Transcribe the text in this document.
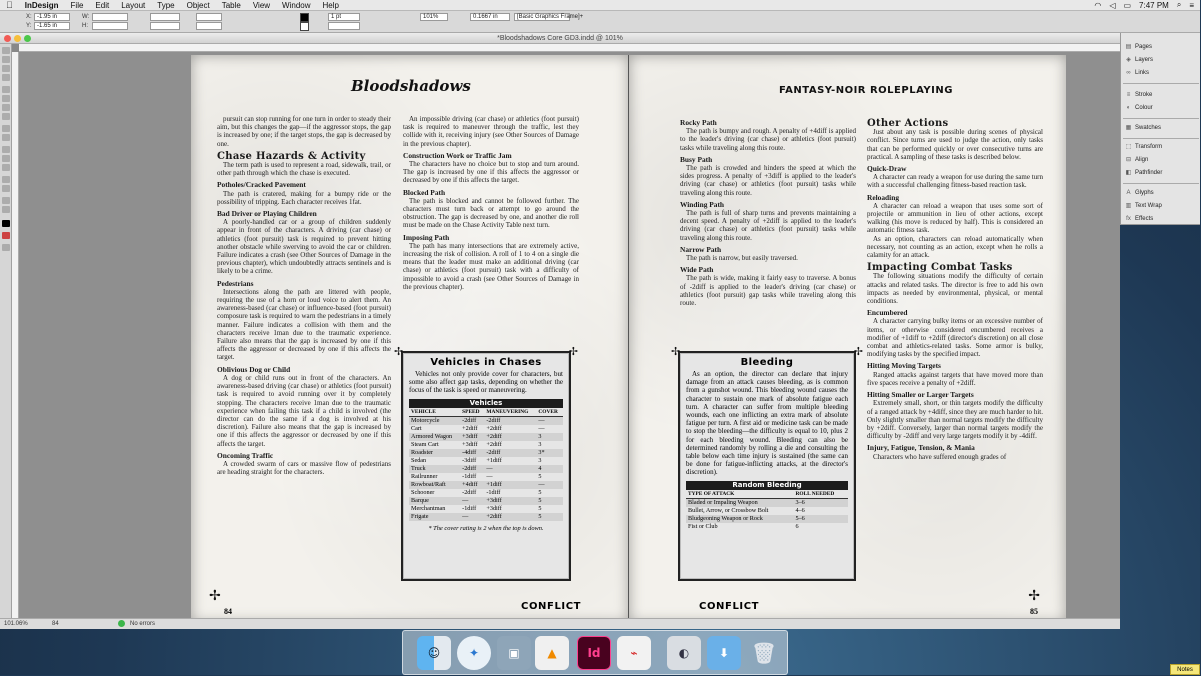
InDesign	File	Edit	Layout	Type	Object	Table	View	Window	Help	◠ ◁ ▭ 7:47 PM ⌕ ≡
X: -1.95 in
Y: -1.65 in
W:
H:
1 pt	101%	0.1667 in	[Basic Graphics Frame]+
*Bloodshadows Core GD3.indd @ 101%
Bloodshadows

pursuit can stop running for one turn in order to steady their aim, but this changes the gap—if the aggressor stops, the gap is increased by one; if the target stops, the gap is decreased by one.

Chase Hazards & Activity

The term path is used to represent a road, sidewalk, trail, or other path through which the chase is executed.

Potholes/Cracked Pavement

The path is cratered, making for a bumpy ride or the possibility of tripping. Each character receives 1fat.

Bad Driver or Playing Children

A poorly-handled car or a group of children suddenly appear in front of the characters. A driving (car chase) or athletics (foot pursuit) task is required to prevent hitting another obstacle while swerving to avoid the car or children. Failure indicates a crash (see Other Sources of Damage in the previous chapter), which undoubtedly attracts sentinels and is likely to be a crime.

Pedestrians

Intersections along the path are littered with people, requiring the use of a horn or loud voice to alert them. An awareness-based (car chase) or influence-based (foot pursuit) composure task is required to warn the pedestrians in a timely manner. Failure indicates a collision with them and the characters receive 1man due to the traumatic experience. Failure also means that the gap is increased by one if this affects the aggressor or decreased by one if this affects the target.

Oblivious Dog or Child

A dog or child runs out in front of the characters. An awareness-based driving (car chase) or athletics (foot pursuit) task is required to avoid running over it by completely stopping. The characters receive 1man due to the traumatic experience when failing this task if a child is involved (the director can do the same if a dog is involved at his discretion). Failure also means that the gap is increased by one if this affects the aggressor or decreased by one if this affects the target.

Oncoming Traffic

A crowded swarm of cars or massive flow of pedestrians are heading straight for the characters.

An impossible driving (car chase) or athletics (foot pursuit) task is required to maneuver through the traffic, lest they collide with it, receiving injury (see Other Sources of Damage in the previous chapter).

Construction Work or Traffic Jam

The characters have no choice but to stop and turn around. The gap is increased by one if this affects the aggressor or decreased by one if this affects the target.

Blocked Path

The path is blocked and cannot be followed further. The characters must turn back or attempt to go around the obstruction. The gap is decreased by one, and another die roll must be made on the Chase Activity Table next turn.

Imposing Path

The path has many intersections that are extremely active, increasing the risk of collision. A roll of 1 to 4 on a single die means that the leader must make an additional driving (car chase) or athletics (foot pursuit) task with a difficulty of impossible to avoid a crash (see Other Sources of Damage in the previous chapter).

✢	✢
Vehicles in Chases

Vehicles not only provide cover for characters, but some also affect gap tasks, depending on whether the focus of the task is speed or maneuvering.

Vehicles
VEHICLE	SPEED	MANEUVERING	COVER
Motorcycle	-2diff	-2diff	—
Cart	+2diff	+2diff	—
Armored Wagon	+3diff	+2diff	3
Steam Cart	+3diff	+2diff	3
Roadster	-4diff	-2diff	3*
Sedan	-3diff	+1diff	3
Truck	-2diff	—	4
Railrunner	-1diff	—	5
Rowboat/Raft	+4diff	+1diff	—
Schooner	-2diff	-1diff	5
Barque	—	+3diff	5
Merchantman	-1diff	+3diff	5
Frigate	—	+2diff	5
* The cover rating is 2 when the top is down.
✢
84	CONFLICT
FANTASY-NOIR ROLEPLAYING
Rocky Path

The path is bumpy and rough. A penalty of +4diff is applied to the leader's driving (car chase) or athletics (foot pursuit) tasks while traveling along this route.

Busy Path

The path is crowded and hinders the speed at which the sides progress. A penalty of +3diff is applied to the leader's driving (car chase) or athletics (foot pursuit) tasks while traveling along this route.

Winding Path

The path is full of sharp turns and prevents maintaining a decent speed. A penalty of +2diff is applied to the leader's driving (car chase) or athletics (foot pursuit) tasks while traveling along this route.

Narrow Path

The path is narrow, but easily traversed.

Wide Path

The path is wide, making it fairly easy to traverse. A bonus of -2diff is applied to the leader's driving (car chase) or athletics (foot pursuit) gap tasks while traveling along this route.

Other Actions

Just about any task is possible during scenes of physical conflict. Since turns are used to judge the action, only tasks that can be performed quickly or over consecutive turns are practical. A sampling of these tasks is described below.

Quick-Draw

A character can ready a weapon for use during the same turn with a successful challenging fitness-based reaction task.

Reloading

A character can reload a weapon that uses some sort of projectile or ammunition in lieu of other actions, except walking (his move is reduced by half). This is considered an automatic fitness task.

As an option, characters can reload automatically when necessary, not counting as an action, except when he rolls a calamity for an attack.

Impacting Combat Tasks

The following situations modify the difficulty of certain attacks and related tasks. The director is free to add his own impacts as needed by environmental, physical, or mental conditions.

Encumbered

A character carrying bulky items or an excessive number of items, or otherwise considered encumbered receives a modifier of +1diff to +2diff (director's discretion) on all close combat and athletics-related tasks. Some armor is bulky, modifying tasks by the specified impact.

Hitting Moving Targets

Ranged attacks against targets that have moved more than five spaces receive a penalty of +2diff.

Hitting Smaller or Larger Targets

Extremely small, short, or thin targets modify the difficulty of a ranged attack by +4diff, since they are much harder to hit. Only slightly smaller than normal targets modify the difficulty by +2diff. Conversely, larger than normal targets modify the difficulty by -2diff and very large targets modify it by -4diff.

Injury, Fatigue, Tension, & Mania

Characters who have suffered enough grades of

✢	✢
Bleeding

As an option, the director can declare that injury damage from an attack causes bleeding, as is common from a gunshot wound. This bleeding wound causes the character to sustain one mark of absolute fatigue each turn. A character can suffer from multiple bleeding wounds, each one inflicting an extra mark of absolute fatigue per turn. A first aid or medicine task can be made to stop the bleeding—the difficulty is equal to 10, plus 2 for each bleeding wound. Bleeding can also be determined randomly by rolling a die and consulting the table below each time injury is sustained (the same can be done for fatigue-inflicting attacks, at the director's discretion).

Random Bleeding
TYPE OF ATTACK	ROLL NEEDED
Bladed or Impaling Weapon	3–6
Bullet, Arrow, or Crossbow Bolt	4–6
Bludgeoning Weapon or Rock	5–6
Fist or Club	6
✢
85
CONFLICT
101.06%	84	No errors
▤ Pages
◈ Layers
∞ Links
≡ Stroke
◐ Colour
▦ Swatches
⬚ Transform
⊟ Align
◧ Pathfinder
A Glyphs
▥ Text Wrap
fx Effects
☺	✦	▣	▲	Id	⌁	◐	⬇	🗑
Notes
